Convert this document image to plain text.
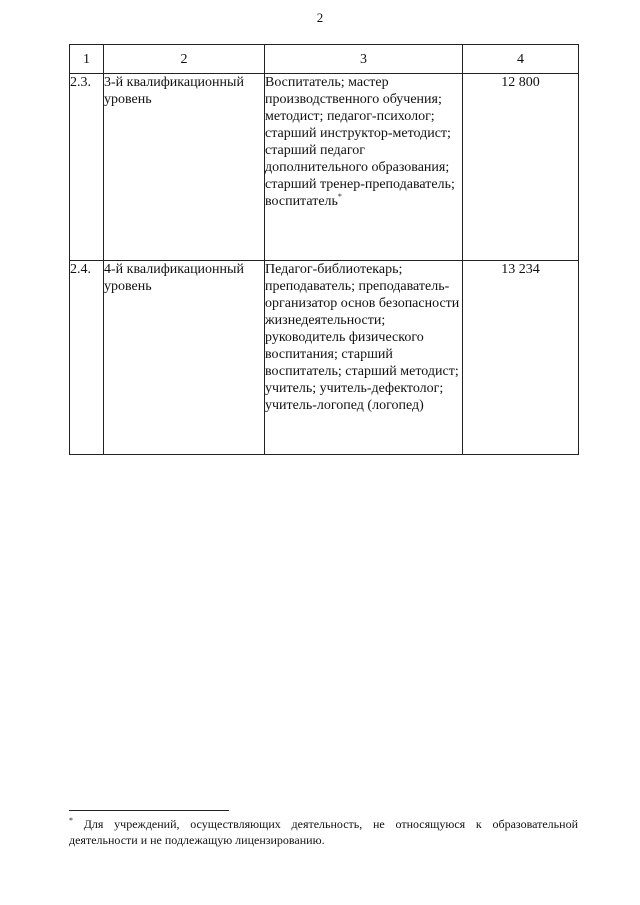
2
1	2	3	4
2.3.	3-й квалификационный уровень	Воспитатель; мастер производственного обучения; методист; педагог-психолог; старший инструктор-методист; старший педагог дополнительного образования; старший тренер-преподаватель; воспитатель*	12 800
2.4.	4-й квалификационный уровень	Педагог-библиотекарь; преподаватель; преподаватель-организатор основ безопасности жизнедеятельности; руководитель физического воспитания; старший воспитатель; старший методист; учитель; учитель-дефектолог; учитель-логопед (логопед)	13 234
* Для учреждений, осуществляющих деятельность, не относящуюся к образовательной деятельности и не подлежащую лицензированию.
